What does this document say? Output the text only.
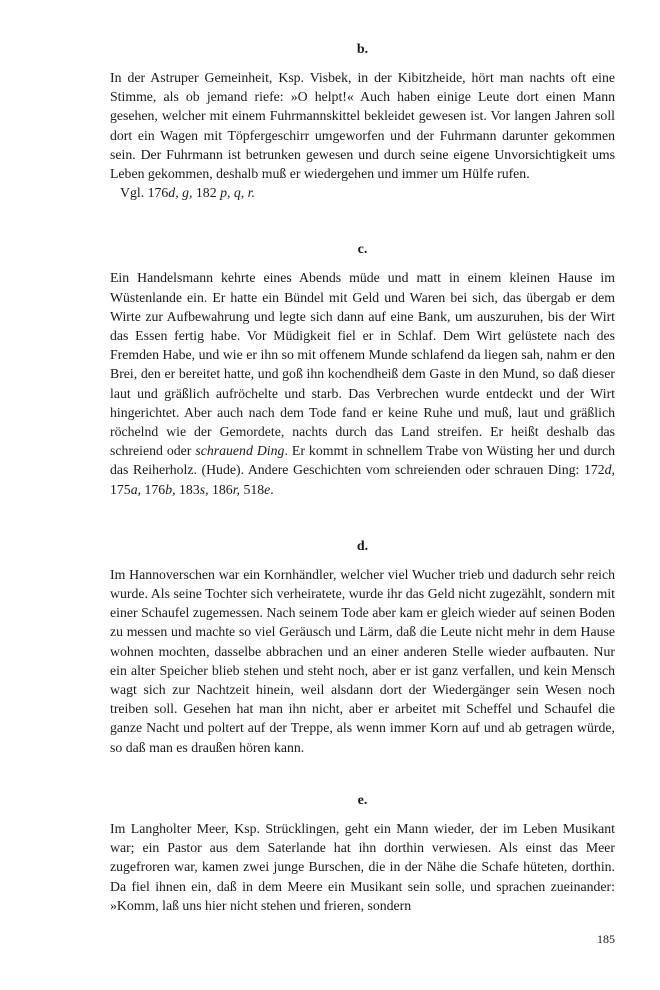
b.

In der Astruper Gemeinheit, Ksp. Visbek, in der Kibitzheide, hört man nachts oft eine Stimme, als ob jemand riefe: »O helpt!« Auch haben einige Leute dort einen Mann gesehen, welcher mit einem Fuhrmannskittel bekleidet gewesen ist. Vor langen Jahren soll dort ein Wagen mit Töpfergeschirr umgeworfen und der Fuhrmann darunter gekommen sein. Der Fuhrmann ist betrunken gewesen und durch seine eigene Unvorsichtigkeit ums Leben gekommen, deshalb muß er wiedergehen und immer um Hülfe rufen.

Vgl. 176d, g, 182 p, q, r.

c.

Ein Handelsmann kehrte eines Abends müde und matt in einem kleinen Hause im Wüstenlande ein. Er hatte ein Bündel mit Geld und Waren bei sich, das übergab er dem Wirte zur Aufbewahrung und legte sich dann auf eine Bank, um auszuruhen, bis der Wirt das Essen fertig habe. Vor Müdigkeit fiel er in Schlaf. Dem Wirt gelüstete nach des Fremden Habe, und wie er ihn so mit offenem Munde schlafend da liegen sah, nahm er den Brei, den er bereitet hatte, und goß ihn kochendheiß dem Gaste in den Mund, so daß dieser laut und gräßlich aufröchelte und starb. Das Verbrechen wurde entdeckt und der Wirt hingerichtet. Aber auch nach dem Tode fand er keine Ruhe und muß, laut und gräßlich röchelnd wie der Gemordete, nachts durch das Land streifen. Er heißt deshalb das schreiend oder schrauend Ding. Er kommt in schnellem Trabe von Wüsting her und durch das Reiherholz. (Hude). Andere Geschichten vom schreienden oder schrauen Ding: 172d, 175a, 176b, 183s, 186r, 518e.

d.

Im Hannoverschen war ein Kornhändler, welcher viel Wucher trieb und dadurch sehr reich wurde. Als seine Tochter sich verheiratete, wurde ihr das Geld nicht zugezählt, sondern mit einer Schaufel zugemessen. Nach seinem Tode aber kam er gleich wieder auf seinen Boden zu messen und machte so viel Geräusch und Lärm, daß die Leute nicht mehr in dem Hause wohnen mochten, dasselbe abbrachen und an einer anderen Stelle wieder aufbauten. Nur ein alter Speicher blieb stehen und steht noch, aber er ist ganz verfallen, und kein Mensch wagt sich zur Nachtzeit hinein, weil alsdann dort der Wiedergänger sein Wesen noch treiben soll. Gesehen hat man ihn nicht, aber er arbeitet mit Scheffel und Schaufel die ganze Nacht und poltert auf der Treppe, als wenn immer Korn auf und ab getragen würde, so daß man es draußen hören kann.

e.

Im Langholter Meer, Ksp. Strücklingen, geht ein Mann wieder, der im Leben Musikant war; ein Pastor aus dem Saterlande hat ihn dorthin verwiesen. Als einst das Meer zugefroren war, kamen zwei junge Burschen, die in der Nähe die Schafe hüteten, dorthin. Da fiel ihnen ein, daß in dem Meere ein Musikant sein solle, und sprachen zueinander: »Komm, laß uns hier nicht stehen und frieren, sondern

185
